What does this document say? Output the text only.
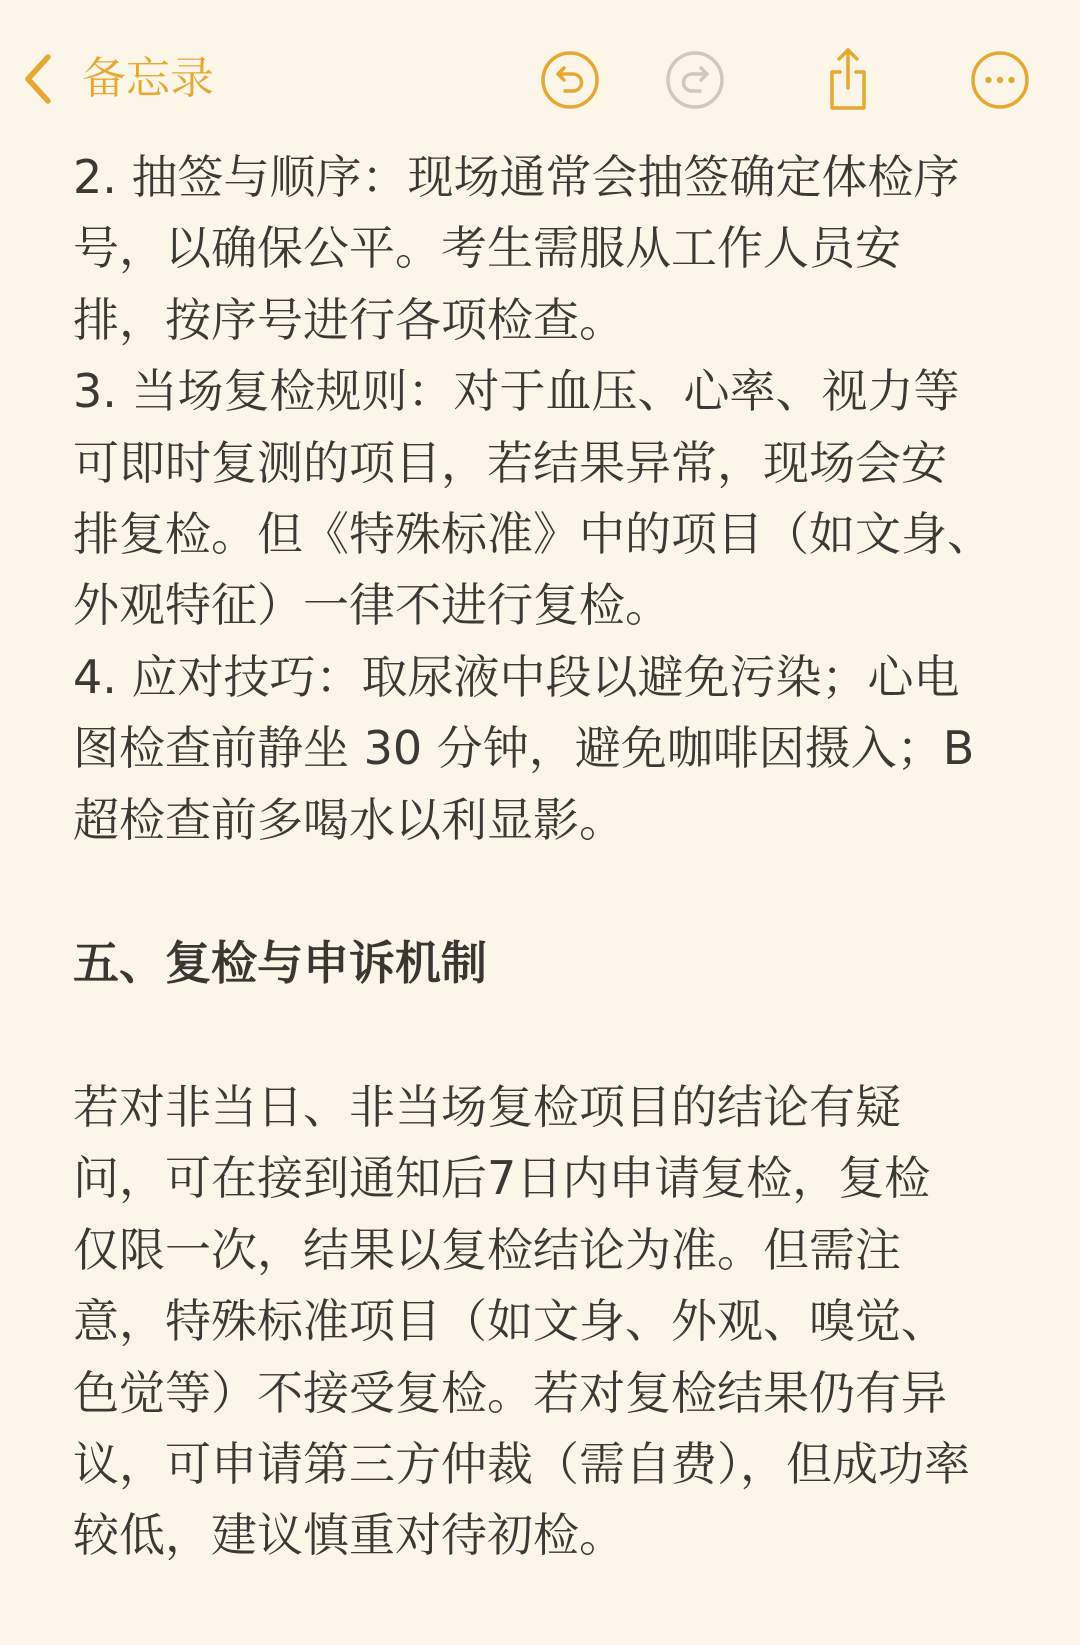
备忘录
2. 抽签与顺序：现场通常会抽签确定体检序
号，以确保公平。考生需服从工作人员安
排，按序号进行各项检查。
3. 当场复检规则：对于血压、心率、视力等
可即时复测的项目，若结果异常，现场会安
排复检。但《特殊标准》中的项目（如文身、
外观特征）一律不进行复检。
4. 应对技巧：取尿液中段以避免污染；心电
图检查前静坐 30 分钟，避免咖啡因摄入；B
超检查前多喝水以利显影。
五、复检与申诉机制
若对非当日、非当场复检项目的结论有疑
问，可在接到通知后7日内申请复检，复检
仅限一次，结果以复检结论为准。但需注
意，特殊标准项目（如文身、外观、嗅觉、
色觉等）不接受复检。若对复检结果仍有异
议，可申请第三方仲裁（需自费），但成功率
较低，建议慎重对待初检。
